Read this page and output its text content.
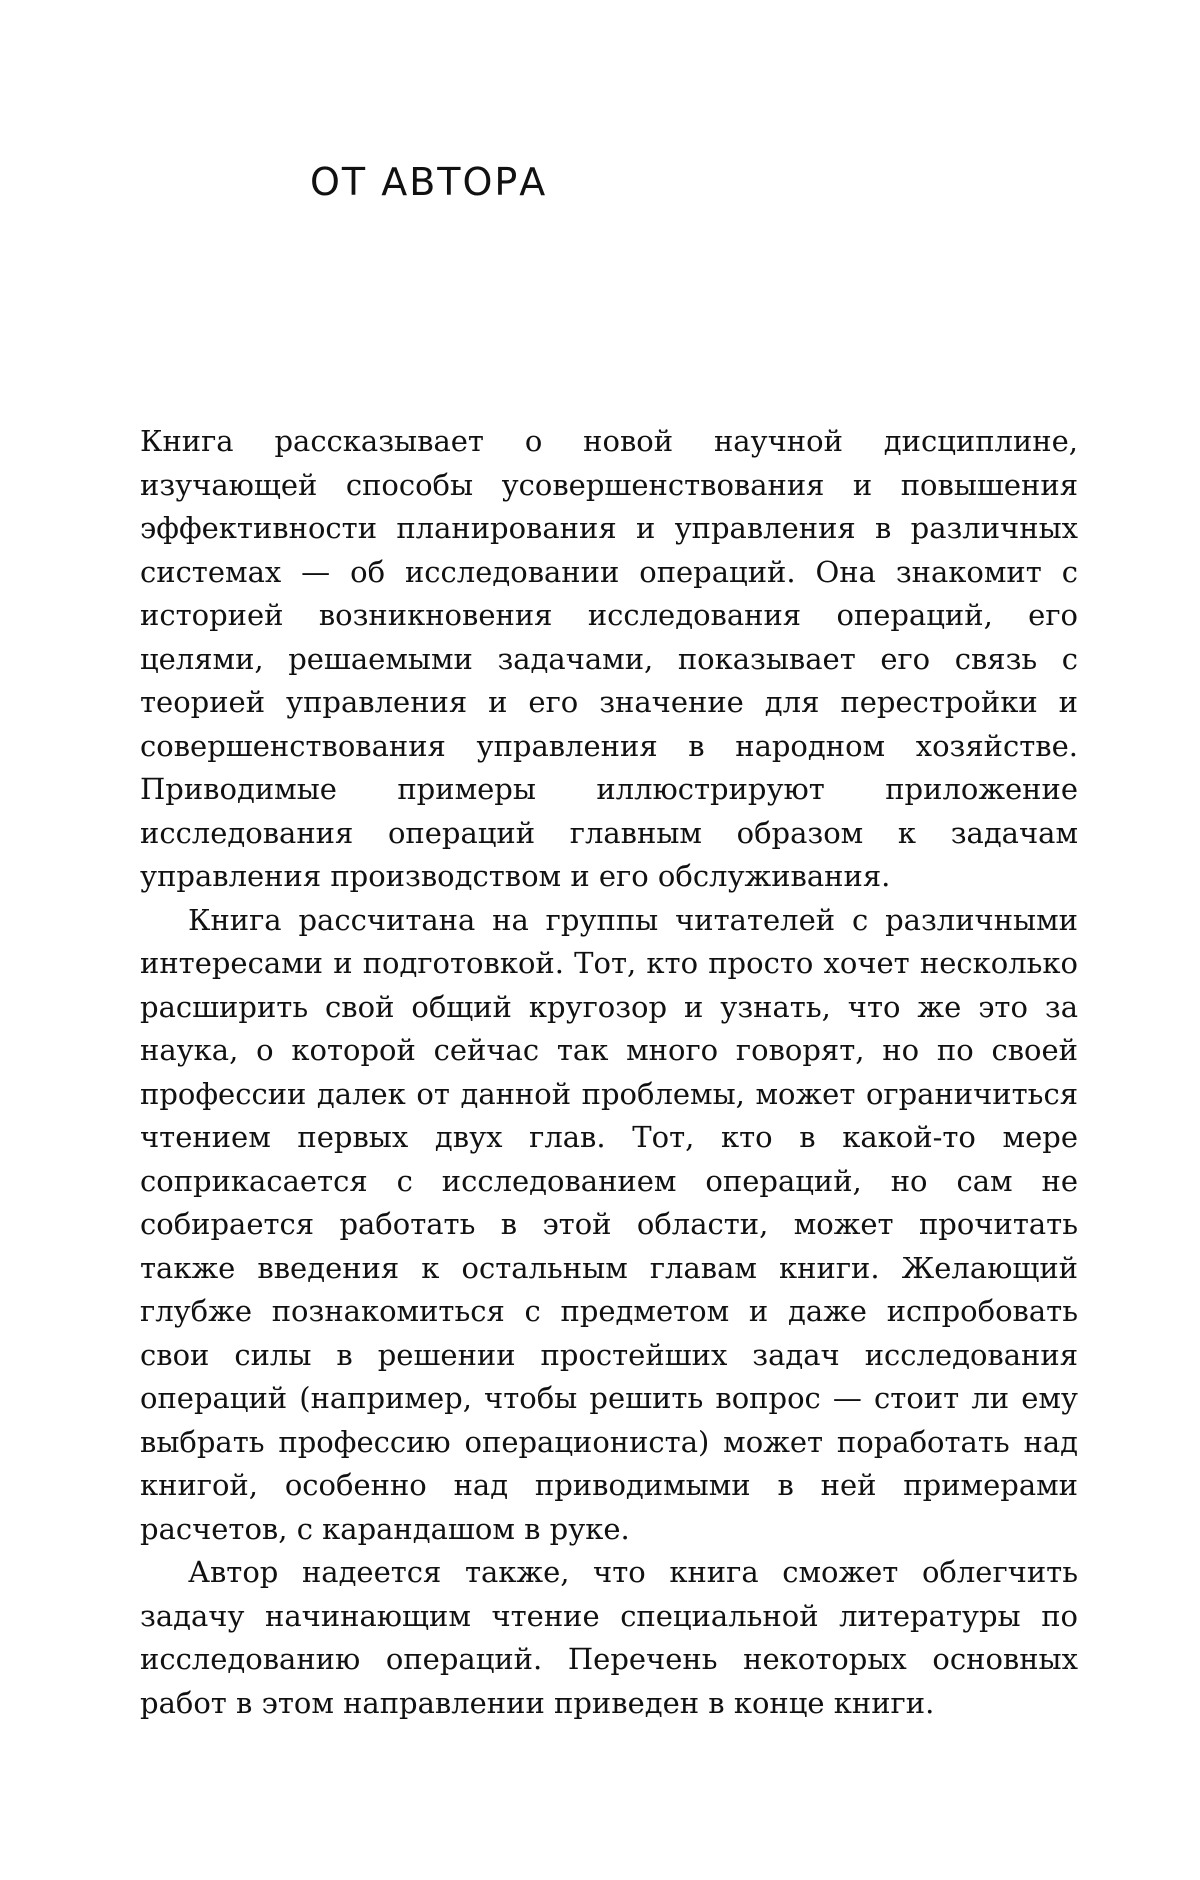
ОТ АВТОРА

Книга рассказывает о новой научной дисциплине, изучающей способы усовершенствования и повышения эффективности планирования и управления в различных системах — об исследовании операций. Она знакомит с историей возникновения исследования операций, его целями, решаемыми задачами, показывает его связь с теорией управления и его значение для перестройки и совершенствования управления в народном хозяйстве. Приводимые примеры иллюстрируют приложение исследования операций главным образом к задачам управления производством и его обслуживания.

Книга рассчитана на группы читателей с различными интересами и подготовкой. Тот, кто просто хочет несколько расширить свой общий кругозор и узнать, что же это за наука, о которой сейчас так много говорят, но по своей профессии далек от данной проблемы, может ограничиться чтением первых двух глав. Тот, кто в какой-то мере соприкасается с исследованием операций, но сам не собирается работать в этой области, может прочитать также введения к остальным главам книги. Желающий глубже познакомиться с предметом и даже испробовать свои силы в решении простейших задач исследования операций (например, чтобы решить вопрос — стоит ли ему выбрать профессию операциониста) может поработать над книгой, особенно над приводимыми в ней примерами расчетов, с карандашом в руке.

Автор надеется также, что книга сможет облегчить задачу начинающим чтение специальной литературы по исследованию операций. Перечень некоторых основных работ в этом направлении приведен в конце книги.
